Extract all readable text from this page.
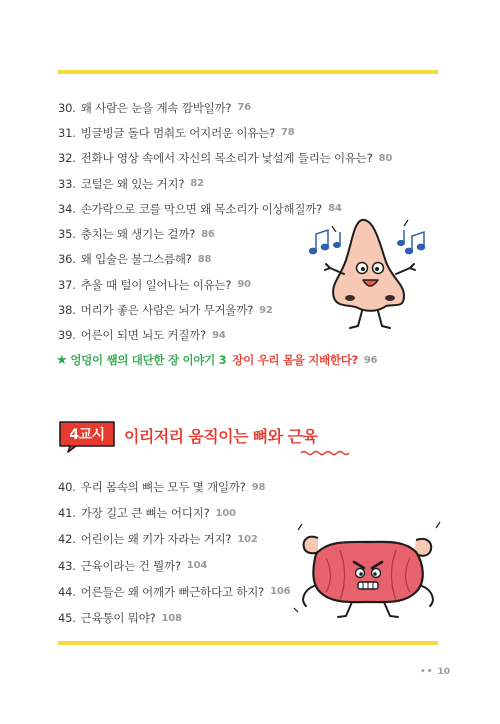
30. 왜 사람은 눈을 계속 깜박일까? 76
31. 빙글빙글 돌다 멈춰도 어지러운 이유는? 78
32. 전화나 영상 속에서 자신의 목소리가 낯설게 들리는 이유는? 80
33. 코털은 왜 있는 거지? 82
34. 손가락으로 코를 막으면 왜 목소리가 이상해질까? 84
35. 충치는 왜 생기는 걸까? 86
36. 왜 입술은 불그스름해? 88
37. 추울 때 털이 일어나는 이유는? 90
38. 머리가 좋은 사람은 뇌가 무거울까? 92
39. 어른이 되면 뇌도 커질까? 94
★ 엉덩이 쌤의 대단한 장 이야기 3 장이 우리 몸을 지배한다? 96
4교시	이리저리 움직이는 뼈와 근육
40. 우리 몸속의 뼈는 모두 몇 개일까? 98
41. 가장 길고 큰 뼈는 어디지? 100
42. 어린이는 왜 키가 자라는 거지? 102
43. 근육이라는 건 뭘까? 104
44. 어른들은 왜 어깨가 뻐근하다고 하지? 106
45. 근육통이 뭐야? 108
•• 10
